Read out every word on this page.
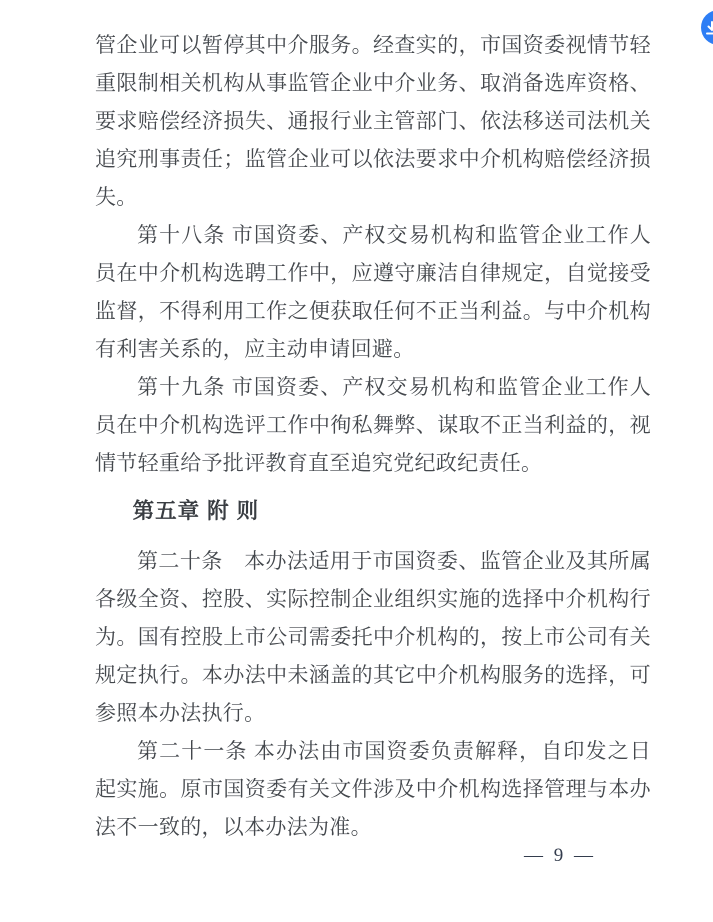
管企业可以暂停其中介服务。经查实的，市国资委视情节轻重限制相关机构从事监管企业中介业务、取消备选库资格、要求赔偿经济损失、通报行业主管部门、依法移送司法机关追究刑事责任；监管企业可以依法要求中介机构赔偿经济损失。

第十八条 市国资委、产权交易机构和监管企业工作人员在中介机构选聘工作中，应遵守廉洁自律规定，自觉接受监督，不得利用工作之便获取任何不正当利益。与中介机构有利害关系的，应主动申请回避。

第十九条 市国资委、产权交易机构和监管企业工作人员在中介机构选评工作中徇私舞弊、谋取不正当利益的，视情节轻重给予批评教育直至追究党纪政纪责任。

第五章 附 则

第二十条　本办法适用于市国资委、监管企业及其所属各级全资、控股、实际控制企业组织实施的选择中介机构行为。国有控股上市公司需委托中介机构的，按上市公司有关规定执行。本办法中未涵盖的其它中介机构服务的选择，可参照本办法执行。

第二十一条 本办法由市国资委负责解释，自印发之日起实施。原市国资委有关文件涉及中介机构选择管理与本办法不一致的，以本办法为准。

— 9 —
